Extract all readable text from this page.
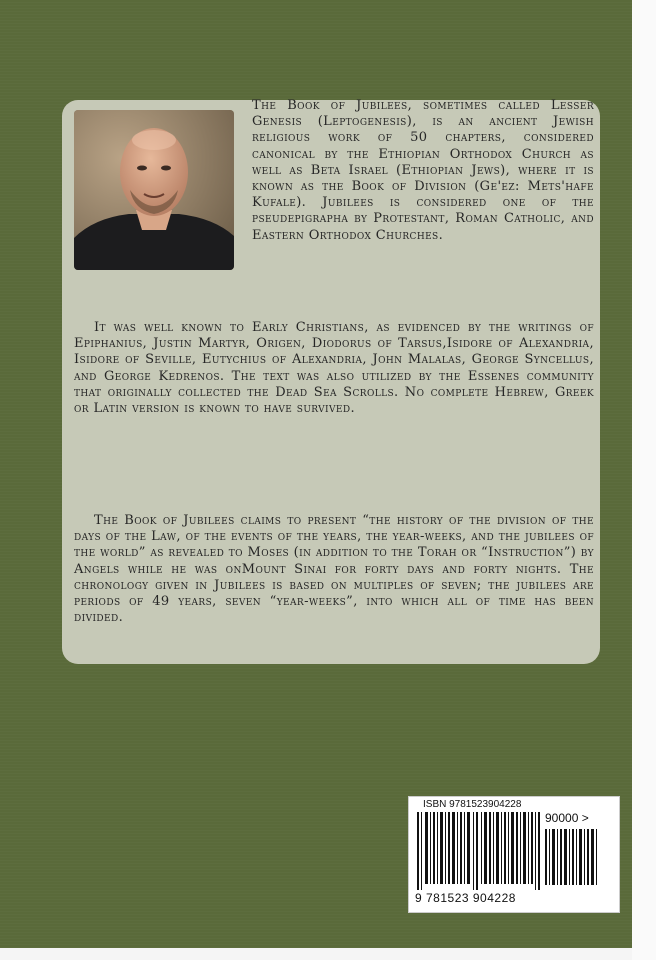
The Book of Jubilees, sometimes called Lesser Genesis (Leptogenesis), is an ancient Jewish religious work of 50 chapters, considered canonical by the Ethiopian Orthodox Church as well as Beta Israel (Ethiopian Jews), where it is known as the Book of Division (Ge'ez: Mets'hafe Kufale). Jubilees is considered one of the pseudepigrapha by Protestant, Roman Catholic, and Eastern Orthodox Churches.
It was well known to Early Christians, as evidenced by the writings of Epiphanius, Justin Martyr, Origen, Diodorus of Tarsus,Isidore of Alexandria, Isidore of Seville, Eutychius of Alexandria, John Malalas, George Syncellus, and George Kedrenos. The text was also utilized by the Essenes community that originally collected the Dead Sea Scrolls. No complete Hebrew, Greek or Latin version is known to have survived.
The Book of Jubilees claims to present “the history of the division of the days of the Law, of the events of the years, the year-weeks, and the jubilees of the world” as revealed to Moses (in addition to the Torah or “Instruction”) by Angels while he was onMount Sinai for forty days and forty nights. The chronology given in Jubilees is based on multiples of seven; the jubilees are periods of 49 years, seven “year-weeks”, into which all of time has been divided.
ISBN 9781523904228
90000 >
9 781523 904228
